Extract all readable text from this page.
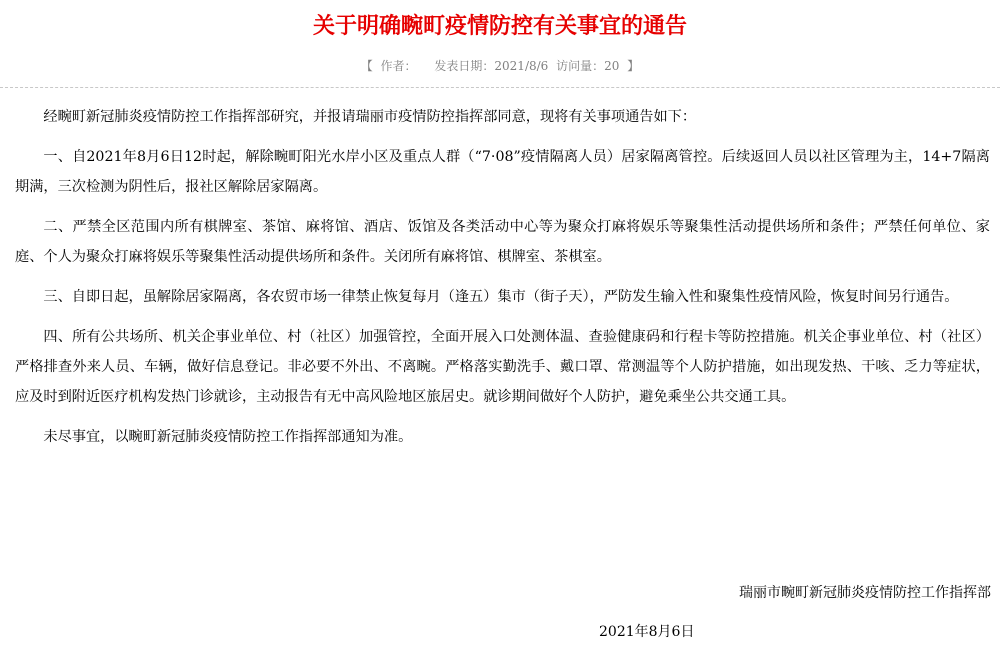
关于明确畹町疫情防控有关事宜的通告
【 作者： 发表日期：2021/8/6 访问量：20 】

经畹町新冠肺炎疫情防控工作指挥部研究，并报请瑞丽市疫情防控指挥部同意，现将有关事项通告如下：

一、自2021年8月6日12时起，解除畹町阳光水岸小区及重点人群（“7·08”疫情隔离人员）居家隔离管控。后续返回人员以社区管理为主，14+7隔离期满，三次检测为阴性后，报社区解除居家隔离。

二、严禁全区范围内所有棋牌室、茶馆、麻将馆、酒店、饭馆及各类活动中心等为聚众打麻将娱乐等聚集性活动提供场所和条件；严禁任何单位、家庭、个人为聚众打麻将娱乐等聚集性活动提供场所和条件。关闭所有麻将馆、棋牌室、茶棋室。

三、自即日起，虽解除居家隔离，各农贸市场一律禁止恢复每月（逢五）集市（街子天），严防发生输入性和聚集性疫情风险，恢复时间另行通告。

四、所有公共场所、机关企事业单位、村（社区）加强管控，全面开展入口处测体温、查验健康码和行程卡等防控措施。机关企事业单位、村（社区）严格排查外来人员、车辆，做好信息登记。非必要不外出、不离畹。严格落实勤洗手、戴口罩、常测温等个人防护措施，如出现发热、干咳、乏力等症状，应及时到附近医疗机构发热门诊就诊，主动报告有无中高风险地区旅居史。就诊期间做好个人防护，避免乘坐公共交通工具。

未尽事宜，以畹町新冠肺炎疫情防控工作指挥部通知为准。

瑞丽市畹町新冠肺炎疫情防控工作指挥部
2021年8月6日
